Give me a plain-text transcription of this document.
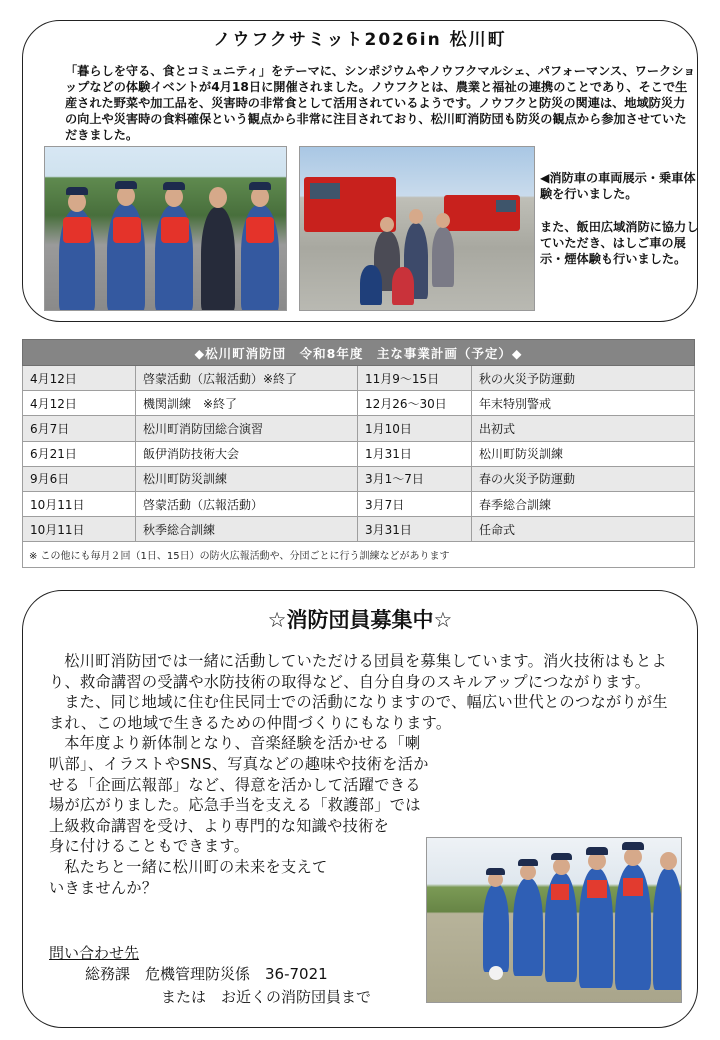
ノウフクサミット2026in 松川町
「暮らしを守る、食とコミュニティ」をテーマに、シンポジウムやノウフクマルシェ、パフォーマンス、ワークショップなどの体験イベントが4月18日に開催されました。ノウフクとは、農業と福祉の連携のことであり、そこで生産された野菜や加工品を、災害時の非常食として活用されているようです。ノウフクと防災の関連は、地域防災力の向上や災害時の食料確保という観点から非常に注目されており、松川町消防団も防災の観点から参加させていただきました。

◀消防車の車両展示・乗車体験を行いました。

また、飯田広域消防に協力していただき、はしご車の展示・煙体験も行いました。

◆松川町消防団　令和8年度　主な事業計画（予定）◆			
4月12日	啓蒙活動（広報活動）※終了	11月9～15日	秋の火災予防運動
4月12日	機関訓練　※終了	12月26～30日	年末特別警戒
6月7日	松川町消防団総合演習	1月10日	出初式
6月21日	飯伊消防技術大会	1月31日	松川町防災訓練
9月6日	松川町防災訓練	3月1～7日	春の火災予防運動
10月11日	啓蒙活動（広報活動）	3月7日	春季総合訓練
10月11日	秋季総合訓練	3月31日	任命式
※ この他にも毎月２回（1日、15日）の防火広報活動や、分団ごとに行う訓練などがあります			
☆消防団員募集中☆

松川町消防団では一緒に活動していただける団員を募集しています。消火技術はもとより、救命講習の受講や水防技術の取得など、自分自身のスキルアップにつながります。

また、同じ地域に住む住民同士での活動になりますので、幅広い世代とのつながりが生まれ、この地域で生きるための仲間づくりにもなります。

本年度より新体制となり、音楽経験を活かせる「喇叭部」、イラストやSNS、写真などの趣味や技術を活かせる「企画広報部」など、得意を活かして活躍できる場が広がりました。応急手当を支える「救護部」では上級救命講習を受け、より専門的な知識や技術を

身に付けることもできます。

私たちと一緒に松川町の未来を支えて

いきませんか？

問い合わせ先
総務課　危機管理防災係　36-7021
または　お近くの消防団員まで
